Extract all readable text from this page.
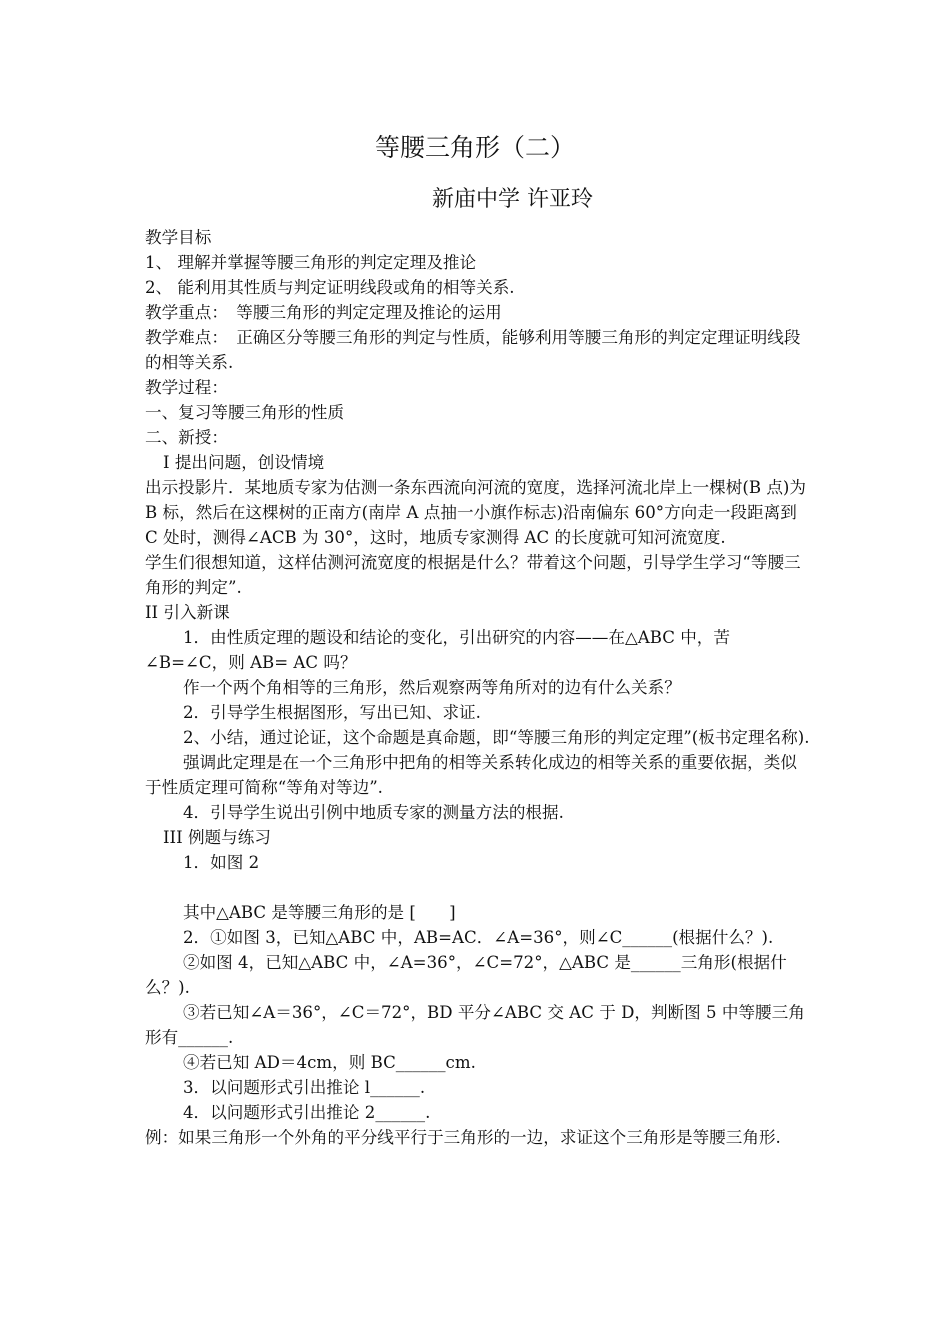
等腰三角形（二）
新庙中学 许亚玲

教学目标

1、 理解并掌握等腰三角形的判定定理及推论

2、 能利用其性质与判定证明线段或角的相等关系.

教学重点：　等腰三角形的判定定理及推论的运用

教学难点：　正确区分等腰三角形的判定与性质，能够利用等腰三角形的判定定理证明线段的相等关系.

教学过程：

一、复习等腰三角形的性质

二、新授：

I 提出问题，创设情境

出示投影片．某地质专家为估测一条东西流向河流的宽度，选择河流北岸上一棵树(B 点)为 B 标，然后在这棵树的正南方(南岸 A 点抽一小旗作标志)沿南偏东 60°方向走一段距离到 C 处时，测得∠ACB 为 30°，这时，地质专家测得 AC 的长度就可知河流宽度.

学生们很想知道，这样估测河流宽度的根据是什么？带着这个问题，引导学生学习“等腰三角形的判定”.

II 引入新课

1．由性质定理的题设和结论的变化，引出研究的内容——在△ABC 中，苦∠B=∠C，则 AB= AC 吗？

作一个两个角相等的三角形，然后观察两等角所对的边有什么关系？

2．引导学生根据图形，写出已知、求证.

2、小结，通过论证，这个命题是真命题，即“等腰三角形的判定定理”(板书定理名称).

强调此定理是在一个三角形中把角的相等关系转化成边的相等关系的重要依据，类似于性质定理可简称“等角对等边”.

4．引导学生说出引例中地质专家的测量方法的根据.

III 例题与练习

1．如图 2

其中△ABC 是等腰三角形的是 [　　]

2．①如图 3，已知△ABC 中，AB=AC．∠A=36°，则∠C______(根据什么？).

②如图 4，已知△ABC 中，∠A=36°，∠C=72°，△ABC 是______三角形(根据什么？).

③若已知∠A＝36°，∠C＝72°，BD 平分∠ABC 交 AC 于 D，判断图 5 中等腰三角形有______.

④若已知 AD＝4cm，则 BC______cm.

3．以问题形式引出推论 l______.

4．以问题形式引出推论 2______.

例：如果三角形一个外角的平分线平行于三角形的一边，求证这个三角形是等腰三角形.
